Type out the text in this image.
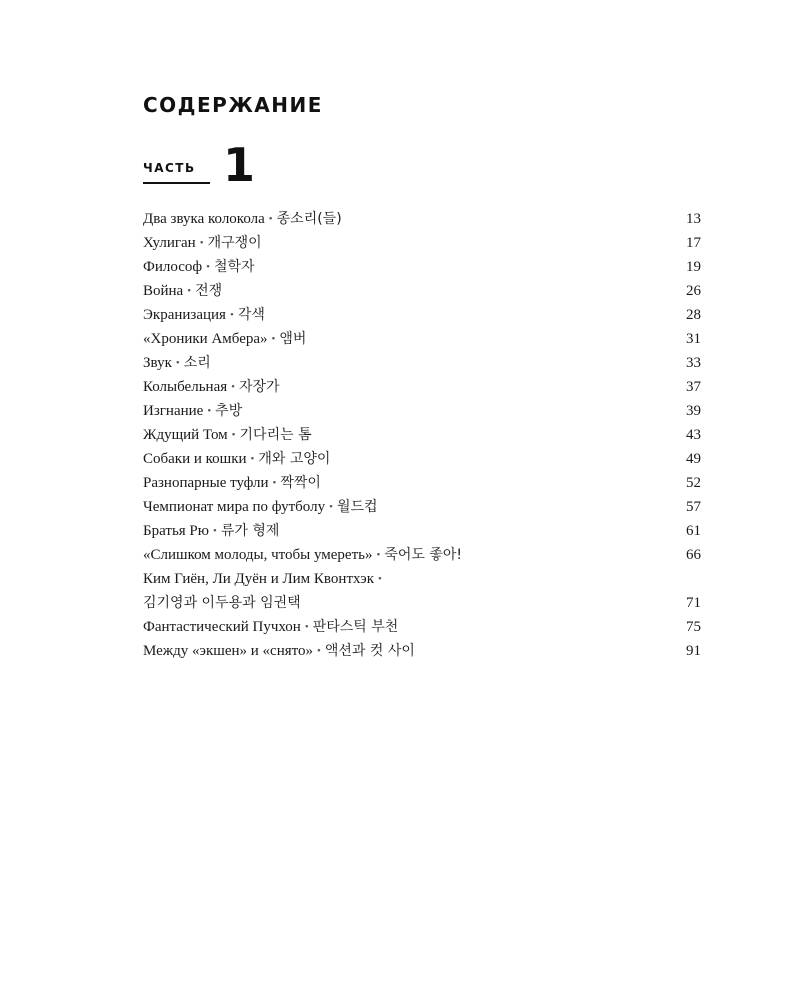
СОДЕРЖАНИЕ
ЧАСТЬ 1
Два звука колокола • 종소리(들)	13
Хулиган • 개구쟁이	17
Философ • 철학자	19
Война • 전쟁	26
Экранизация • 각색	28
«Хроники Амбера» • 앰버	31
Звук • 소리	33
Колыбельная • 자장가	37
Изгнание • 추방	39
Ждущий Том • 기다리는 톰	43
Собаки и кошки • 개와 고양이	49
Разнопарные туфли • 짝짝이	52
Чемпионат мира по футболу • 월드컵	57
Братья Рю • 류가 형제	61
«Слишком молоды, чтобы умереть» • 죽어도 좋아!	66
Ким Гиён, Ли Дуён и Лим Квонтхэк •
김기영과 이두용과 임권택	71
Фантастический Пучхон • 판타스틱 부천	75
Между «экшен» и «снято» • 액션과 컷 사이	91
